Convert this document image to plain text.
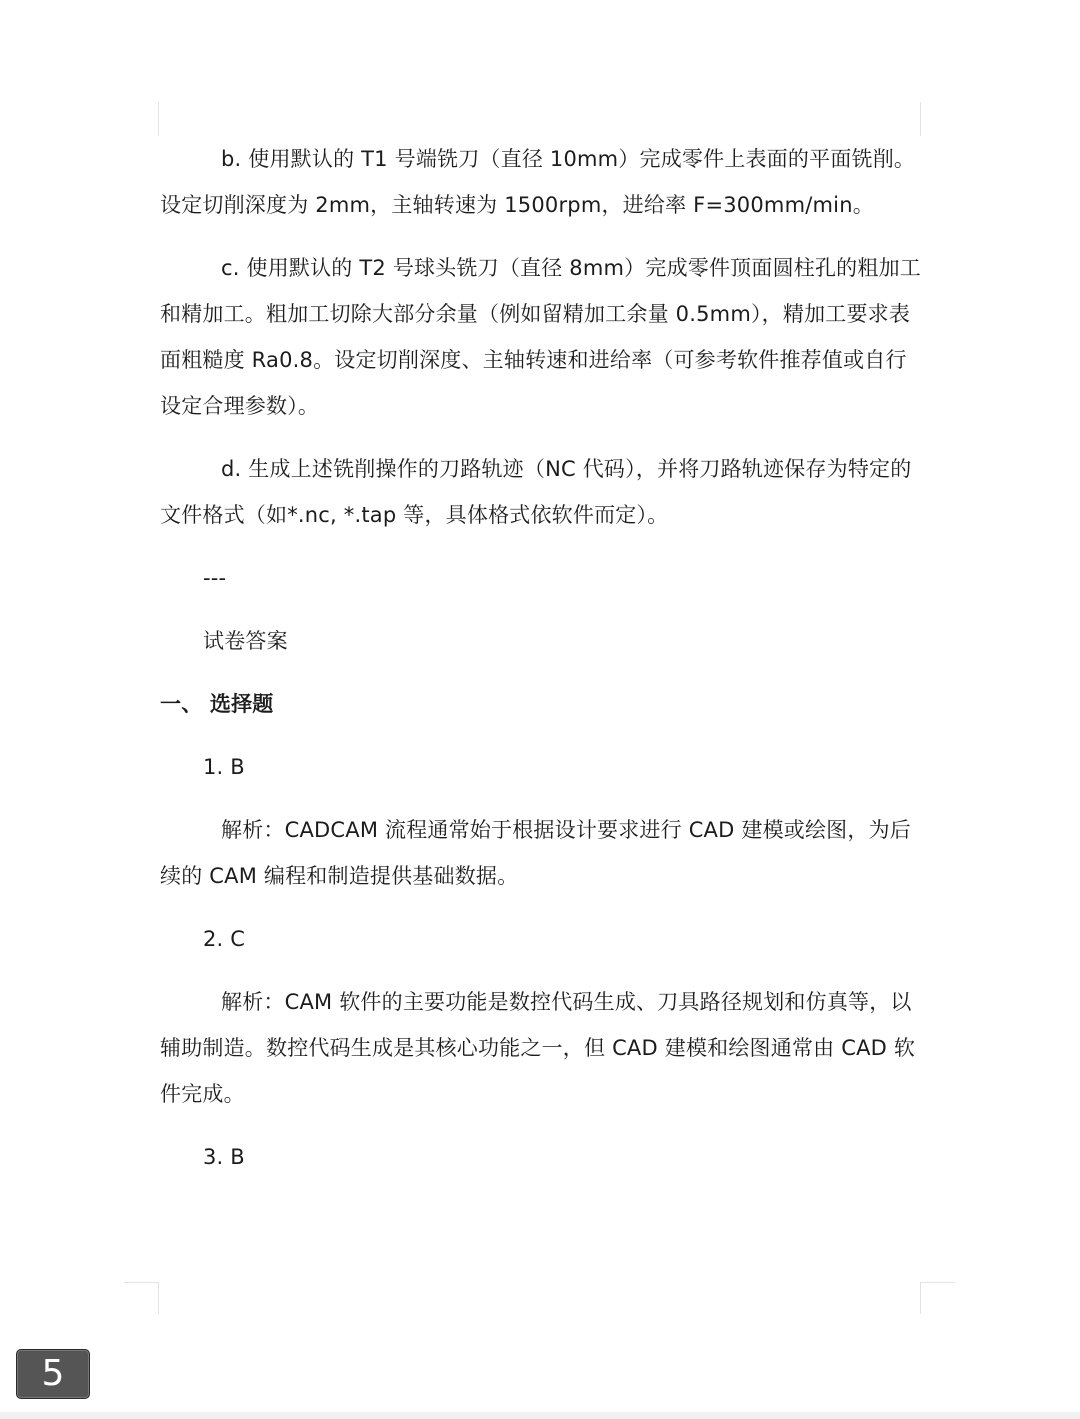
b. 使用默认的 T1 号端铣刀（直径 10mm）完成零件上表面的平面铣削。设定切削深度为 2mm，主轴转速为 1500rpm，进给率 F=300mm/min。

c. 使用默认的 T2 号球头铣刀（直径 8mm）完成零件顶面圆柱孔的粗加工和精加工。粗加工切除大部分余量（例如留精加工余量 0.5mm），精加工要求表面粗糙度 Ra0.8。设定切削深度、主轴转速和进给率（可参考软件推荐值或自行设定合理参数）。

d. 生成上述铣削操作的刀路轨迹（NC 代码），并将刀路轨迹保存为特定的文件格式（如*.nc, *.tap 等，具体格式依软件而定）。

---

试卷答案

一、 选择题

1. B

解析：CADCAM 流程通常始于根据设计要求进行 CAD 建模或绘图，为后续的 CAM 编程和制造提供基础数据。

2. C

解析：CAM 软件的主要功能是数控代码生成、刀具路径规划和仿真等，以辅助制造。数控代码生成是其核心功能之一，但 CAD 建模和绘图通常由 CAD 软件完成。

3. B

5
